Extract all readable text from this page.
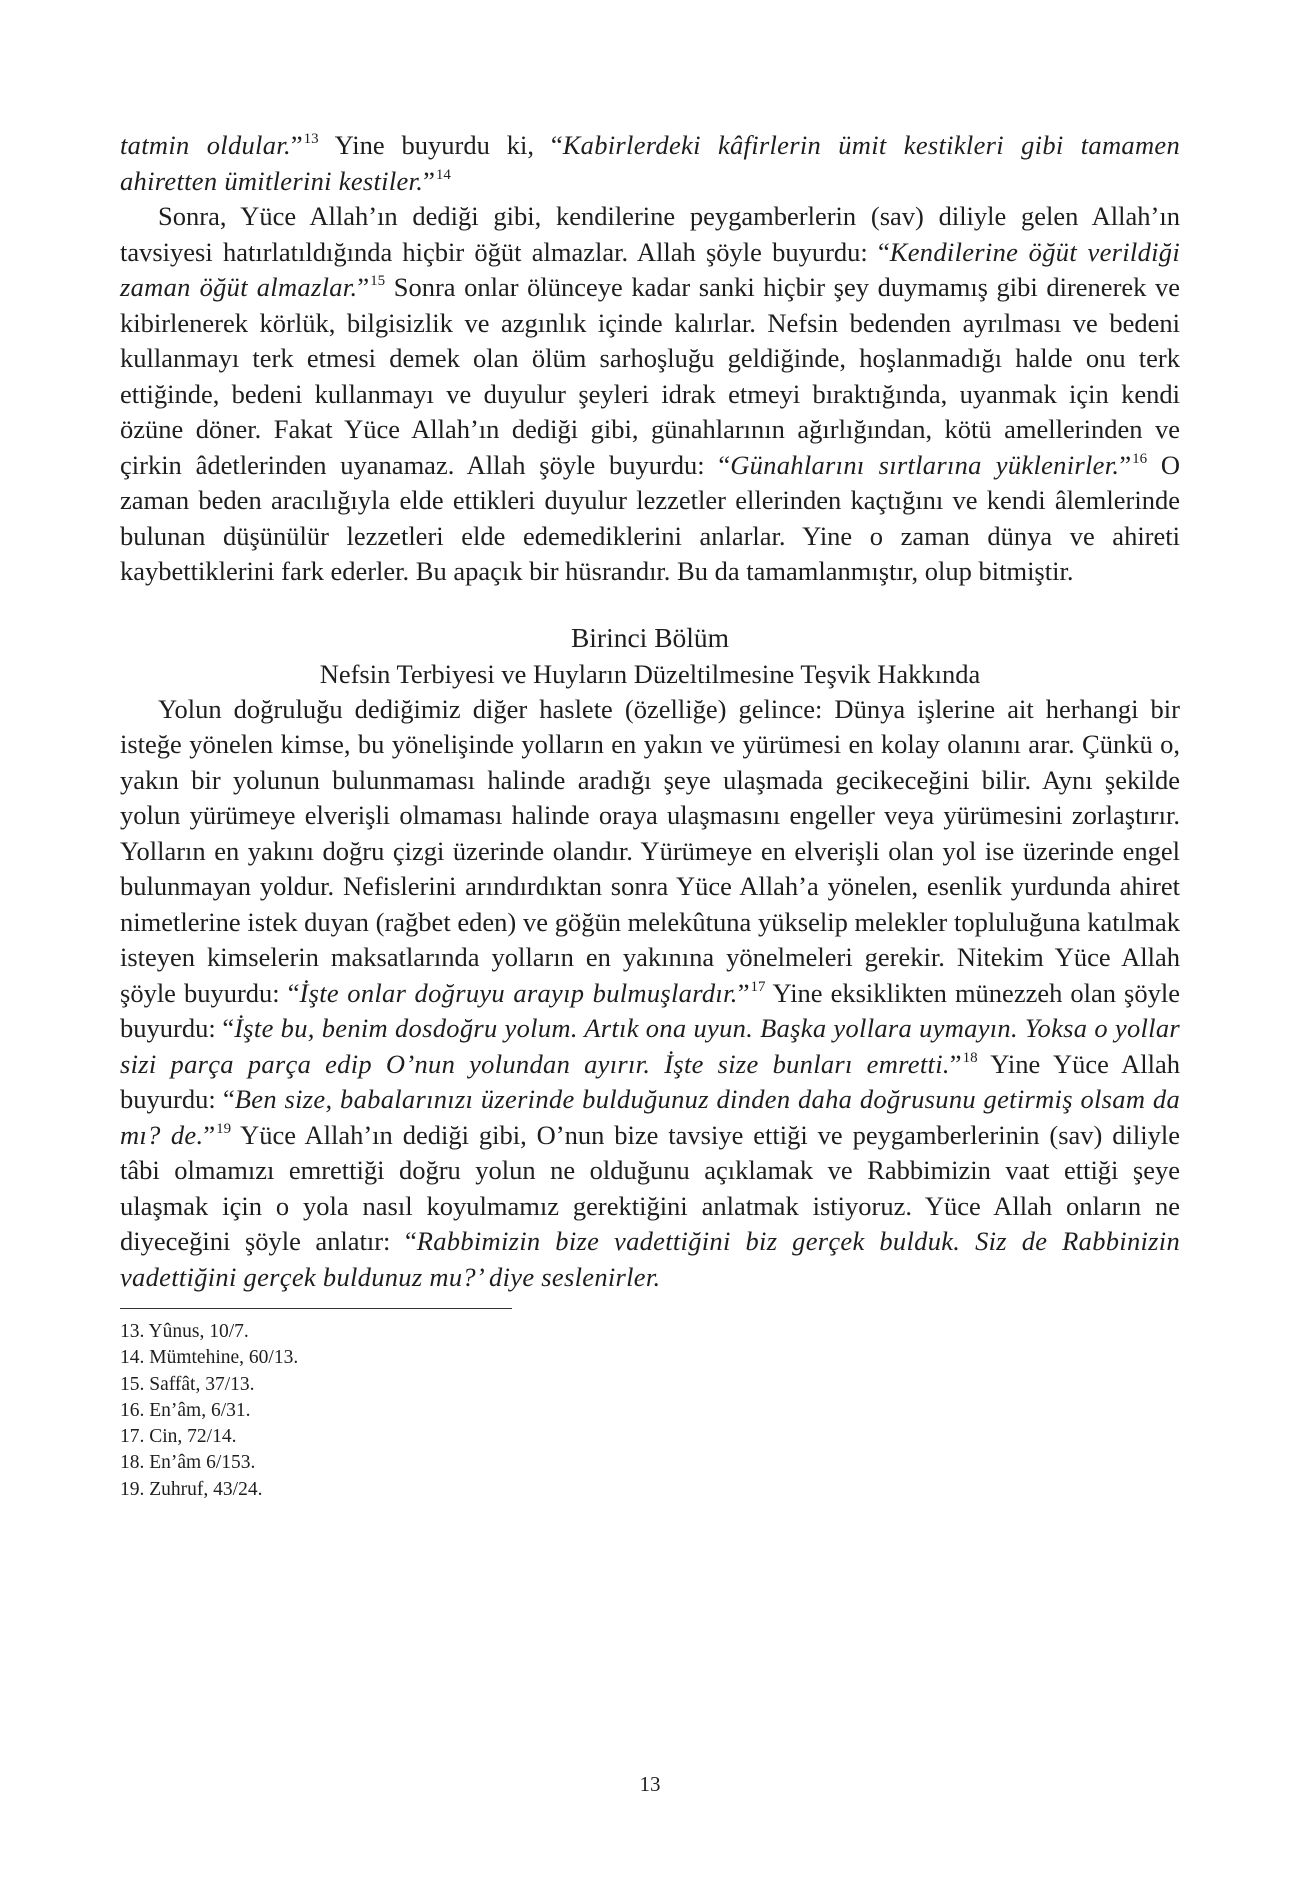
tatmin oldular.”$^{13}$ Yine buyurdu ki, “Kabirlerdeki kâfirlerin ümit kestikleri gibi tamamen ahiretten ümitlerini kestiler.”$^{14}$

Sonra, Yüce Allah’ın dediği gibi, kendilerine peygamberlerin (sav) diliyle gelen Allah’ın tavsiyesi hatırlatıldığında hiçbir öğüt almazlar. Allah şöyle buyurdu: “Kendilerine öğüt verildiği zaman öğüt almazlar.”$^{15}$ Sonra onlar ölünceye kadar sanki hiçbir şey duymamış gibi direnerek ve kibirlenerek körlük, bilgisizlik ve azgınlık içinde kalırlar. Nefsin bedenden ayrılması ve bedeni kullanmayı terk etmesi demek olan ölüm sarhoşluğu geldiğinde, hoşlanmadığı halde onu terk ettiğinde, bedeni kullanmayı ve duyulur şeyleri idrak etmeyi bıraktığında, uyanmak için kendi özüne döner. Fakat Yüce Allah’ın dediği gibi, günahlarının ağırlığından, kötü amellerinden ve çirkin âdetlerinden uyanamaz. Allah şöyle buyurdu: “Günahlarını sırtlarına yüklenirler.”$^{16}$ O zaman beden aracılığıyla elde ettikleri duyulur lezzetler ellerinden kaçtığını ve kendi âlemlerinde bulunan düşünülür lezzetleri elde edemediklerini anlarlar. Yine o zaman dünya ve ahireti kaybettiklerini fark ederler. Bu apaçık bir hüsrandır. Bu da tamamlanmıştır, olup bitmiştir.

Birinci Bölüm
Nefsin Terbiyesi ve Huyların Düzeltilmesine Teşvik Hakkında

Yolun doğruluğu dediğimiz diğer haslete (özelliğe) gelince: Dünya işlerine ait herhangi bir isteğe yönelen kimse, bu yönelişinde yolların en yakın ve yürümesi en kolay olanını arar. Çünkü o, yakın bir yolunun bulunmaması halinde aradığı şeye ulaşmada gecikeceğini bilir. Aynı şekilde yolun yürümeye elverişli olmaması halinde oraya ulaşmasını engeller veya yürümesini zorlaştırır. Yolların en yakını doğru çizgi üzerinde olandır. Yürümeye en elverişli olan yol ise üzerinde engel bulunmayan yoldur. Nefislerini arındırdıktan sonra Yüce Allah’a yönelen, esenlik yurdunda ahiret nimetlerine istek duyan (rağbet eden) ve göğün melekûtuna yükselip melekler topluluğuna katılmak isteyen kimselerin maksatlarında yolların en yakınına yönelmeleri gerekir. Nitekim Yüce Allah şöyle buyurdu: “İşte onlar doğruyu arayıp bulmuşlardır.”$^{17}$ Yine eksiklikten münezzeh olan şöyle buyurdu: “İşte bu, benim dosdoğru yolum. Artık ona uyun. Başka yollara uymayın. Yoksa o yollar sizi parça parça edip O’nun yolundan ayırır. İşte size bunları emretti.”$^{18}$ Yine Yüce Allah buyurdu: “Ben size, babalarınızı üzerinde bulduğunuz dinden daha doğrusunu getirmiş olsam da mı? de.”$^{19}$ Yüce Allah’ın dediği gibi, O’nun bize tavsiye ettiği ve peygamberlerinin (sav) diliyle tâbi olmamızı emrettiği doğru yolun ne olduğunu açıklamak ve Rabbimizin vaat ettiği şeye ulaşmak için o yola nasıl koyulmamız gerektiğini anlatmak istiyoruz. Yüce Allah onların ne diyeceğini şöyle anlatır: “Rabbimizin bize vadettiğini biz gerçek bulduk. Siz de Rabbinizin vadettiğini gerçek buldunuz mu?’ diye seslenirler.

13. Yûnus, 10/7.
14. Mümtehine, 60/13.
15. Saffât, 37/13.
16. En’âm, 6/31.
17. Cin, 72/14.
18. En’âm 6/153.
19. Zuhruf, 43/24.
13
